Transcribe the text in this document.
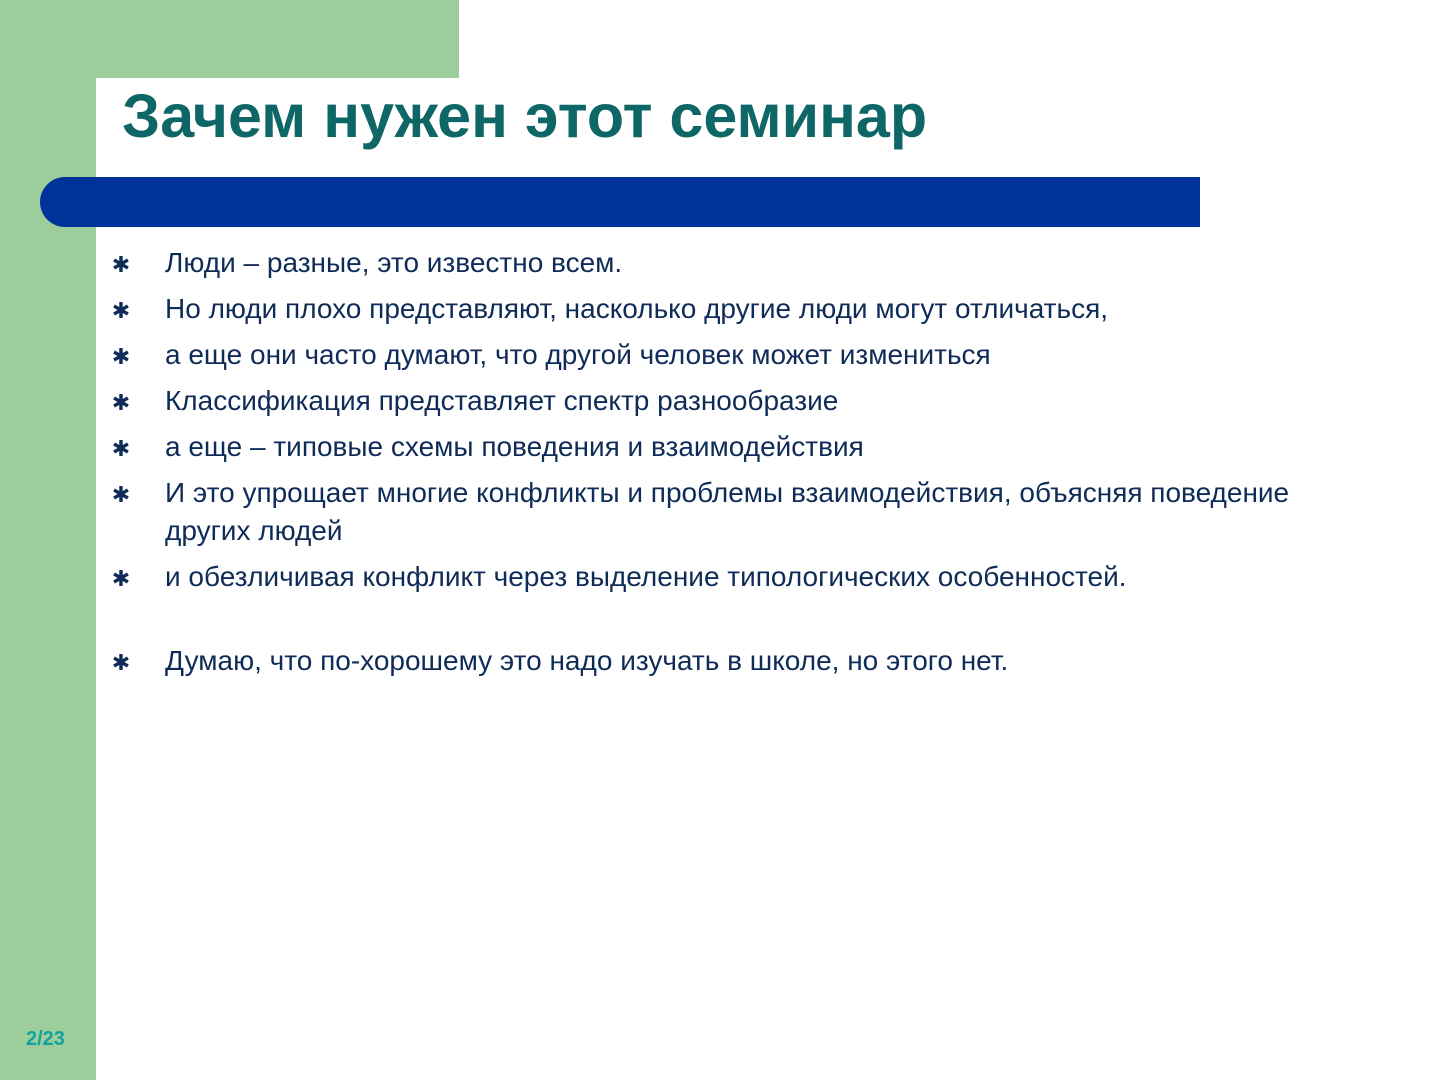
Зачем нужен этот семинар
✱ Люди – разные, это известно всем.
✱ Но люди плохо представляют, насколько другие люди могут отличаться,
✱ а еще они часто думают, что другой человек может измениться
✱ Классификация представляет спектр разнообразие
✱ а еще – типовые схемы поведения и взаимодействия
✱ И это упрощает многие конфликты и проблемы взаимодействия, объясняя поведение других людей
✱ и обезличивая конфликт через выделение типологических особенностей.
✱ Думаю, что по-хорошему это надо изучать в школе, но этого нет.
2/23
